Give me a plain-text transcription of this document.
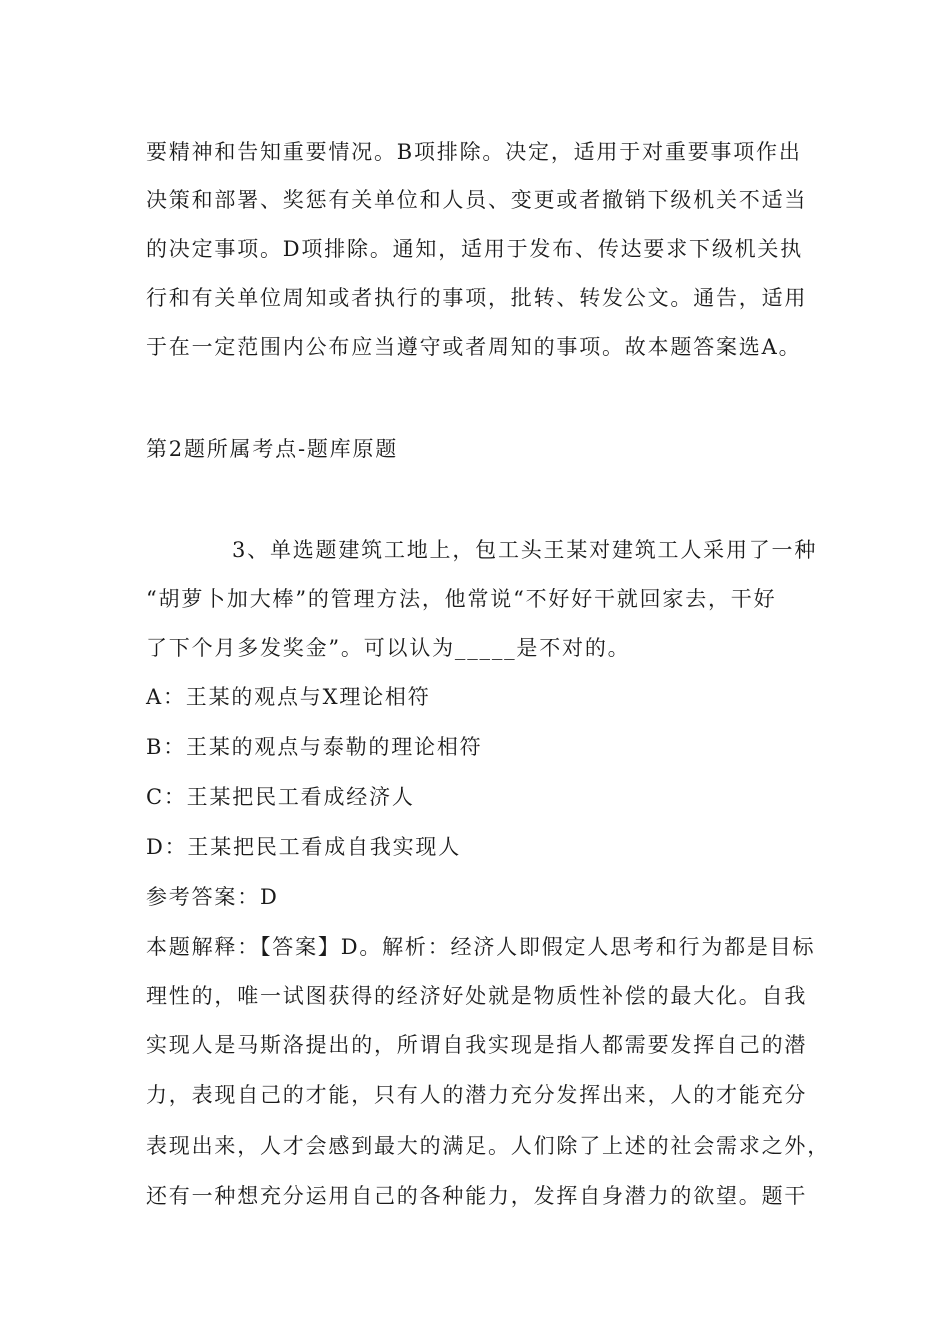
要精神和告知重要情况。B项排除。决定，适用于对重要事项作出
决策和部署、奖惩有关单位和人员、变更或者撤销下级机关不适当
的决定事项。D项排除。通知，适用于发布、传达要求下级机关执
行和有关单位周知或者执行的事项，批转、转发公文。通告，适用
于在一定范围内公布应当遵守或者周知的事项。故本题答案选A。
第2题所属考点-题库原题
3、单选题建筑工地上，包工头王某对建筑工人采用了一种
“胡萝卜加大棒”的管理方法，他常说“不好好干就回家去，干好
了下个月多发奖金”。可以认为_____是不对的。
A：王某的观点与X理论相符
B：王某的观点与泰勒的理论相符
C：王某把民工看成经济人
D：王某把民工看成自我实现人
参考答案：D
本题解释：【答案】D。解析：经济人即假定人思考和行为都是目标
理性的，唯一试图获得的经济好处就是物质性补偿的最大化。自我
实现人是马斯洛提出的，所谓自我实现是指人都需要发挥自己的潜
力，表现自己的才能，只有人的潜力充分发挥出来，人的才能充分
表现出来，人才会感到最大的满足。人们除了上述的社会需求之外，
还有一种想充分运用自己的各种能力，发挥自身潜力的欲望。题干
